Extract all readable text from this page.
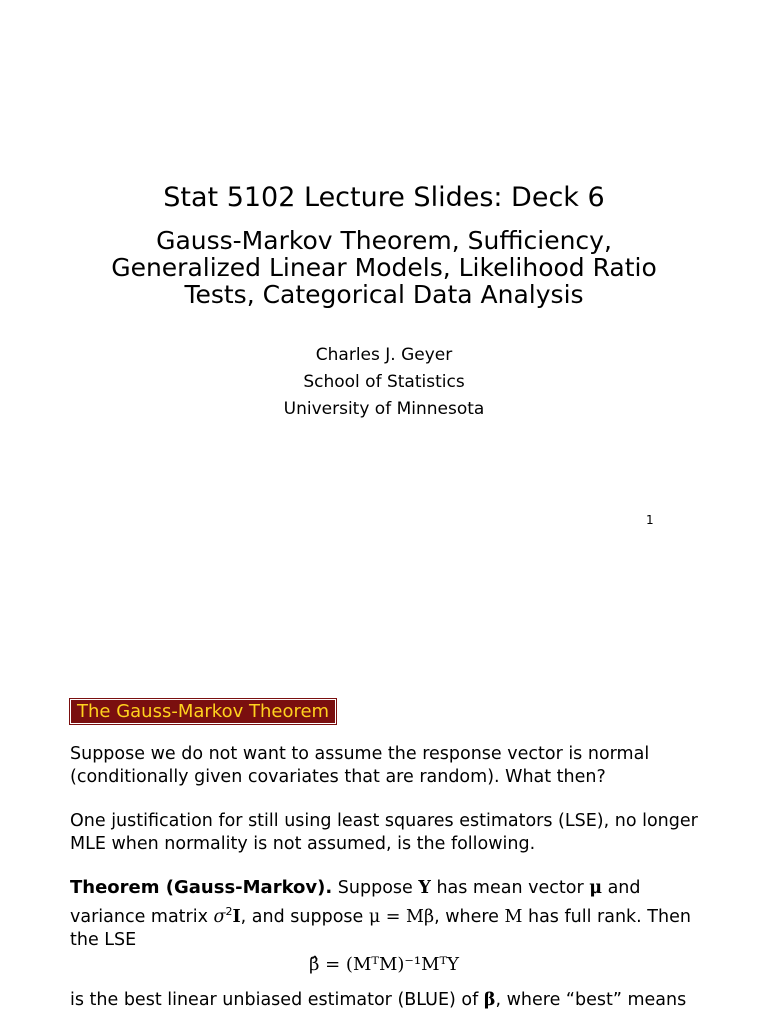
Stat 5102 Lecture Slides: Deck 6
Gauss-Markov Theorem, Sufficiency,
Generalized Linear Models, Likelihood Ratio
Tests, Categorical Data Analysis
Charles J. Geyer
School of Statistics
University of Minnesota
1
The Gauss-Markov Theorem
Suppose we do not want to assume the response vector is normal (conditionally given covariates that are random). What then?
One justification for still using least squares estimators (LSE), no longer MLE when normality is not assumed, is the following.
Theorem (Gauss-Markov). Suppose Y has mean vector μ and variance matrix $\sigma^2I$, and suppose μ = Mβ, where M has full rank. Then the LSE
β̂ = (MᵀM)⁻¹MᵀY
is the best linear unbiased estimator (BLUE) of β, where “best” means
